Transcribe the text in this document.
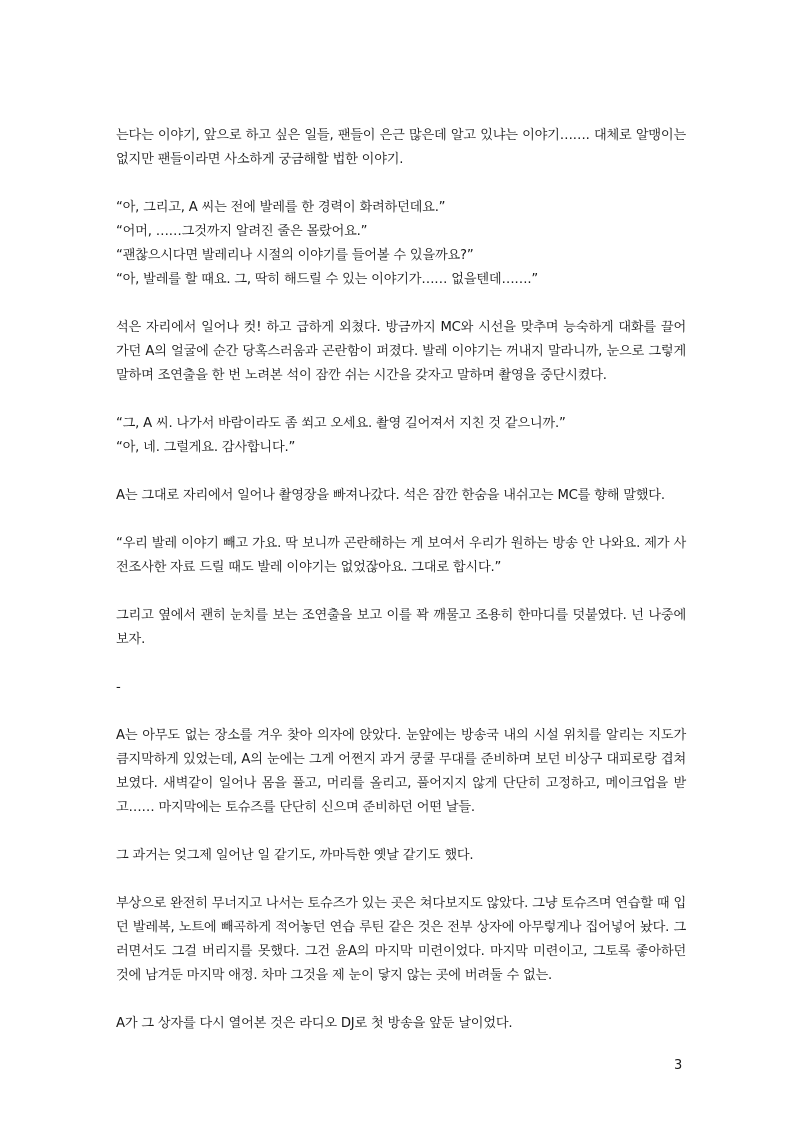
는다는 이야기, 앞으로 하고 싶은 일들, 팬들이 은근 많은데 알고 있냐는 이야기……. 대체로 알맹이는 없지만 팬들이라면 사소하게 궁금해할 법한 이야기.

“아, 그리고, A 씨는 전에 발레를 한 경력이 화려하던데요.”

“어머, ……그것까지 알려진 줄은 몰랐어요.”

“괜찮으시다면 발레리나 시절의 이야기를 들어볼 수 있을까요?”

“아, 발레를 할 때요. 그, 딱히 해드릴 수 있는 이야기가…… 없을텐데…….”

석은 자리에서 일어나 컷! 하고 급하게 외쳤다. 방금까지 MC와 시선을 맞추며 능숙하게 대화를 끌어가던 A의 얼굴에 순간 당혹스러움과 곤란함이 퍼졌다. 발레 이야기는 꺼내지 말라니까, 눈으로 그렇게 말하며 조연출을 한 번 노려본 석이 잠깐 쉬는 시간을 갖자고 말하며 촬영을 중단시켰다.

“그, A 씨. 나가서 바람이라도 좀 쐬고 오세요. 촬영 길어져서 지친 것 같으니까.”

“아, 네. 그럴게요. 감사합니다.”

A는 그대로 자리에서 일어나 촬영장을 빠져나갔다. 석은 잠깐 한숨을 내쉬고는 MC를 향해 말했다.

“우리 발레 이야기 빼고 가요. 딱 보니까 곤란해하는 게 보여서 우리가 원하는 방송 안 나와요. 제가 사전조사한 자료 드릴 때도 발레 이야기는 없었잖아요. 그대로 합시다.”

그리고 옆에서 괜히 눈치를 보는 조연출을 보고 이를 꽉 깨물고 조용히 한마디를 덧붙였다. 넌 나중에 보자.

-

A는 아무도 없는 장소를 겨우 찾아 의자에 앉았다. 눈앞에는 방송국 내의 시설 위치를 알리는 지도가 큼지막하게 있었는데, A의 눈에는 그게 어쩐지 과거 쿵쿨 무대를 준비하며 보던 비상구 대피로랑 겹쳐보였다. 새벽같이 일어나 몸을 풀고, 머리를 올리고, 풀어지지 않게 단단히 고정하고, 메이크업을 받고…… 마지막에는 토슈즈를 단단히 신으며 준비하던 어떤 날들.

그 과거는 엊그제 일어난 일 같기도, 까마득한 옛날 같기도 했다.

부상으로 완전히 무너지고 나서는 토슈즈가 있는 곳은 쳐다보지도 않았다. 그냥 토슈즈며 연습할 때 입던 발레복, 노트에 빼곡하게 적어놓던 연습 루틴 같은 것은 전부 상자에 아무렇게나 집어넣어 놨다. 그러면서도 그걸 버리지를 못했다. 그건 윤A의 마지막 미련이었다. 마지막 미련이고, 그토록 좋아하던 것에 남겨둔 마지막 애정. 차마 그것을 제 눈이 닿지 않는 곳에 버려둘 수 없는.

A가 그 상자를 다시 열어본 것은 라디오 DJ로 첫 방송을 앞둔 날이었다.

3
